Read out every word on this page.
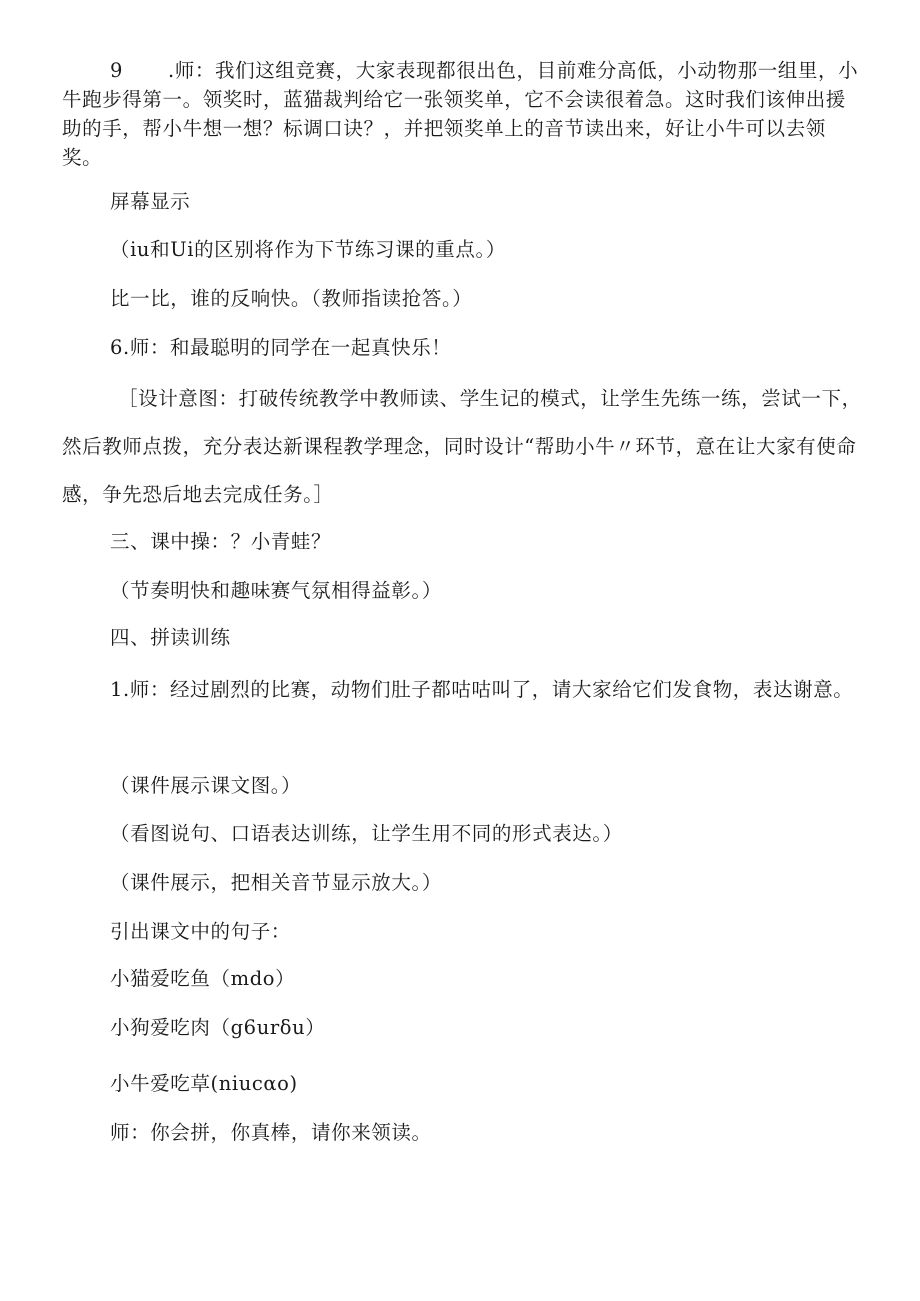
9 .师：我们这组竞赛，大家表现都很出色，目前难分高低，小动物那一组里，小牛跑步得第一。领奖时，蓝猫裁判给它一张领奖单，它不会读很着急。这时我们该伸出援助的手，帮小牛想一想？标调口诀？，并把领奖单上的音节读出来，好让小牛可以去领奖。

屏幕显示

（iu和Ui的区别将作为下节练习课的重点。）

比一比，谁的反响快。（教师指读抢答。）

6.师：和最聪明的同学在一起真快乐！

［设计意图：打破传统教学中教师读、学生记的模式，让学生先练一练，尝试一下，然后教师点拨，充分表达新课程教学理念，同时设计“帮助小牛〃环节，意在让大家有使命感，争先恐后地去完成任务。］

三、课中操：？小青蛙？

（节奏明快和趣味赛气氛相得益彰。）

四、拼读训练

1.师：经过剧烈的比赛，动物们肚子都咕咕叫了，请大家给它们发食物，表达谢意。

（课件展示课文图。）

（看图说句、口语表达训练，让学生用不同的形式表达。）

（课件展示，把相关音节显示放大。）

引出课文中的句子：

小猫爱吃鱼（mdo）

小狗爱吃肉（g6urδu）

小牛爱吃草(niucαo)

师：你会拼，你真棒，请你来领读。
